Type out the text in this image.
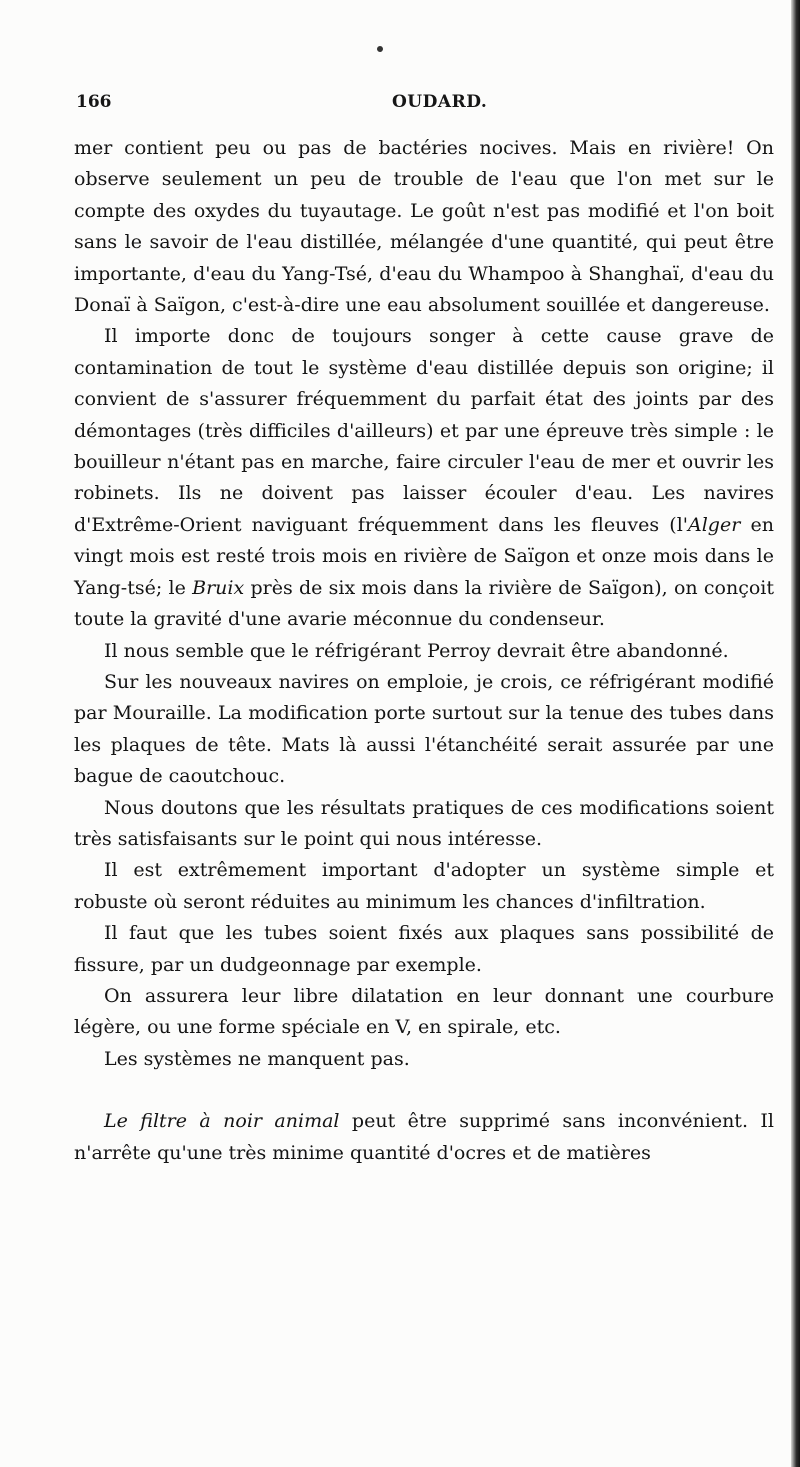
166	OUDARD.

mer contient peu ou pas de bactéries nocives. Mais en rivière! On observe seulement un peu de trouble de l'eau que l'on met sur le compte des oxydes du tuyautage. Le goût n'est pas modifié et l'on boit sans le savoir de l'eau distillée, mélangée d'une quantité, qui peut être importante, d'eau du Yang-Tsé, d'eau du Whampoo à Shanghaï, d'eau du Donaï à Saïgon, c'est-à-dire une eau absolument souillée et dangereuse.

Il importe donc de toujours songer à cette cause grave de contamination de tout le système d'eau distillée depuis son origine; il convient de s'assurer fréquemment du parfait état des joints par des démontages (très difficiles d'ailleurs) et par une épreuve très simple : le bouilleur n'étant pas en marche, faire circuler l'eau de mer et ouvrir les robinets. Ils ne doivent pas laisser écouler d'eau. Les navires d'Extrême-Orient naviguant fréquemment dans les fleuves (l'Alger en vingt mois est resté trois mois en rivière de Saïgon et onze mois dans le Yang-tsé; le Bruix près de six mois dans la rivière de Saïgon), on conçoit toute la gravité d'une avarie méconnue du condenseur.

Il nous semble que le réfrigérant Perroy devrait être abandonné.

Sur les nouveaux navires on emploie, je crois, ce réfrigérant modifié par Mouraille. La modification porte surtout sur la tenue des tubes dans les plaques de tête. Mats là aussi l'étanchéité serait assurée par une bague de caoutchouc.

Nous doutons que les résultats pratiques de ces modifications soient très satisfaisants sur le point qui nous intéresse.

Il est extrêmement important d'adopter un système simple et robuste où seront réduites au minimum les chances d'infiltration.

Il faut que les tubes soient fixés aux plaques sans possibilité de fissure, par un dudgeonnage par exemple.

On assurera leur libre dilatation en leur donnant une courbure légère, ou une forme spéciale en V, en spirale, etc.

Les systèmes ne manquent pas.

Le filtre à noir animal peut être supprimé sans inconvénient. Il n'arrête qu'une très minime quantité d'ocres et de matières
